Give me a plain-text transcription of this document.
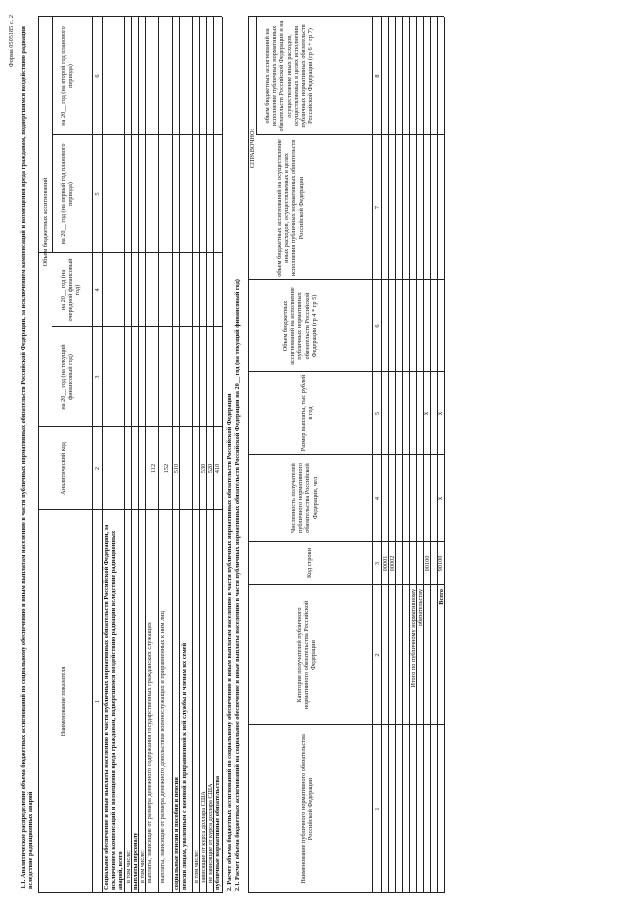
Форма 0505185 с. 2 1.1. Аналитическое распределение объема бюджетных ассигнований по социальному обеспечению и иным выплатам населению в части публичных нормативных обязательств Российской Федерации, за исключением компенсаций и возмещения вреда гражданам, подвергшимся воздействию радиации вследствие радиационных аварий
Наименование показателя
Аналитический код
Объем бюджетных ассигнований
на 20__ год (на текущий финансовый год)
на 20__ год (на очередной финансовый год)
на 20__ год (на первый год планового периода)
на 20__ год (на второй год планового периода)
1
2
3
4
5
6
Социальное обеспечение и иные выплаты населению в части публичных нормативных обязательств Российской Федерации, за исключением компенсаций и возмещения вреда гражданам, подвергшимся воздействию радиации вследствие радиационных аварий, всего в том числе: выплаты персоналу в том числе: выплаты, зависящие от размера денежного содержания государственных гражданских служащих
112
выплаты, зависящие от размера денежного довольствия военнослужащих и приравненных к ним лиц
152
социальные пенсии и пособия и пенсии
510
пенсии лицам, уволенным с военной и приравненной к ней службы и членам их семей в том числе: зависящие от курса доллара США
530
не зависящие от курса доллара США
520
публичные нормативные обязательства
410 2. Расчет объема бюджетных ассигнований по социальному обеспечению и иным выплатам населению в части публичных нормативных обязательств Российской Федерации 2.1. Расчет объема бюджетных ассигнований на социальное обеспечение и иные выплаты населению в части публичных нормативных обязательств Российской Федерации на 20__ год (на текущий финансовый год)	Наименование публичного нормативного обязательства Российской Федерации
Категория получателей публичного нормативного обязательства Российской Федерации
Код строки
Численность получателей публичного нормативного обязательства Российской Федерации, чел
Размер выплаты, тыс рублей в год
Объем бюджетных ассигнований на исполнение публичных нормативных обязательств Российской Федерации (гр 4 * гр 5)
СПРАВОЧНО:	объем бюджетных ассигнований на осуществление иных расходов, осуществляемых в целях исполнения публичных нормативных обязательств Российской Федерации
объем бюджетных ассигнований на исполнение публичных нормативных обязательств Российской Федерации и на осуществление иных расходов, осуществляемых в целях исполнения публичных нормативных обязательств Российской Федерации (гр 6 + гр 7)
1
2
3
4
5
6
7
8
00001 00002
Итого по публичному нормативному обязательству
00100
x
Всего
90100
x
x
